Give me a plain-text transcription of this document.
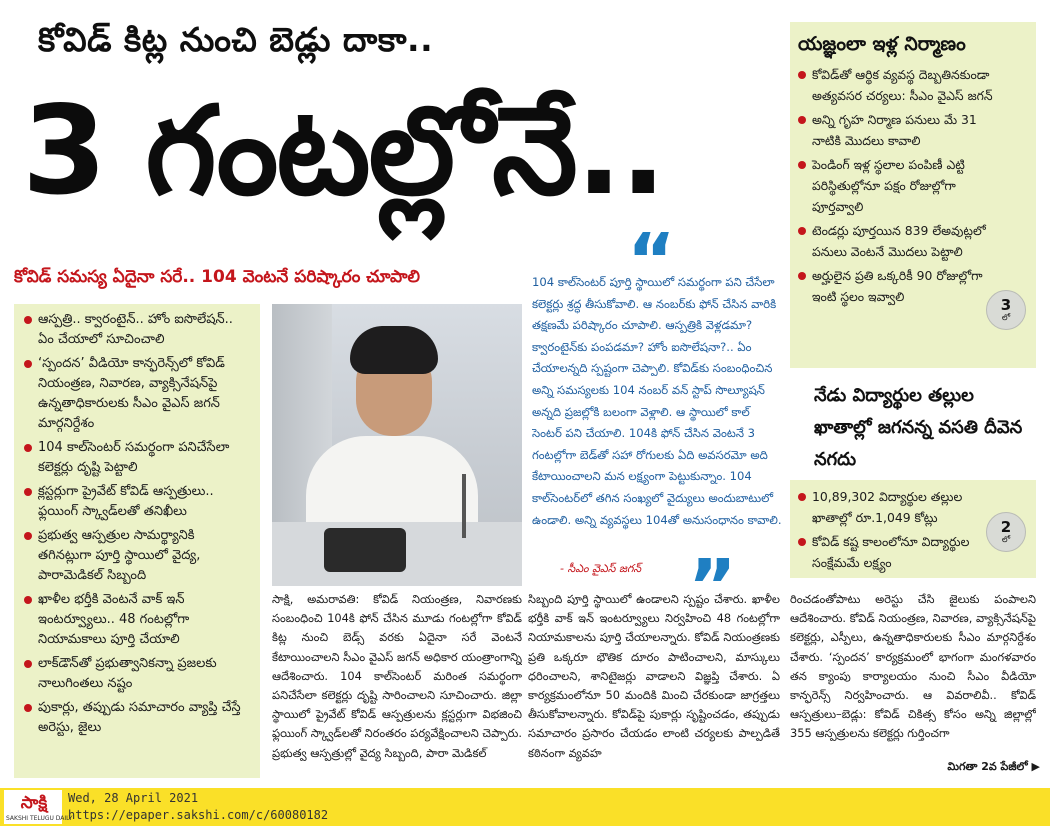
కోవిడ్ కిట్ల నుంచి బెడ్లు దాకా..
3 గంటల్లోనే..
కోవిడ్ సమస్య ఏదైనా సరే.. 104 వెంటనే పరిష్కారం చూపాలి
ఆస్పత్రి.. క్వారంటైన్.. హోం ఐసొలేషన్.. ఏం చేయాలో సూచించాలి
‘స్పందన’ వీడియో కాన్ఫరెన్స్‌లో కోవిడ్ నియంత్రణ, నివారణ, వ్యాక్సినేషన్‌పై ఉన్నతాధికారులకు సీఎం వైఎస్ జగన్ మార్గనిర్దేశం
104 కాల్‌సెంటర్ సమర్థంగా పనిచేసేలా కలెక్టర్లు దృష్టి పెట్టాలి
క్లస్టర్లుగా ప్రైవేట్ కోవిడ్ ఆస్పత్రులు.. ఫ్లయింగ్ స్క్వాడ్‌లతో తనిఖీలు
ప్రభుత్వ ఆస్పత్రుల సామర్థ్యానికి తగినట్లుగా పూర్తి స్థాయిలో వైద్య, పారామెడికల్ సిబ్బంది
ఖాళీల భర్తీకి వెంటనే వాక్ ఇన్ ఇంటర్వ్యూలు.. 48 గంటల్లోగా నియామకాలు పూర్తి చేయాలి
లాక్‌డౌన్‌తో ప్రభుత్వానికన్నా ప్రజలకు నాలుగింతలు నష్టం
పుకార్లు, తప్పుడు సమాచారం వ్యాప్తి చేస్తే అరెస్టు, జైలు
“
104 కాల్‌సెంటర్ పూర్తి స్థాయిలో సమర్థంగా పని చేసేలా కలెక్టర్లు శ్రద్ధ తీసుకోవాలి. ఆ నంబర్‌కు ఫోన్ చేసిన వారికి తక్షణమే పరిష్కారం చూపాలి. ఆస్పత్రికి వెళ్లడమా? క్వారంటైన్‌కు పంపడమా? హోం ఐసొలేషనా?.. ఏం చేయాలన్నది స్పష్టంగా చెప్పాలి. కోవిడ్‌కు సంబంధించిన అన్ని సమస్యలకు 104 నంబర్ వన్ స్టాప్ సొల్యూషన్ అన్నది ప్రజల్లోకి బలంగా వెళ్లాలి. ఆ స్థాయిలో కాల్ సెంటర్ పని చేయాలి. 104కి ఫోన్ చేసిన వెంటనే 3 గంటల్లోగా బెడ్‌తో సహా రోగులకు ఏది అవసరమో అది కేటాయించాలని మన లక్ష్యంగా పెట్టుకున్నాం. 104 కాల్‌సెంటర్‌లో తగిన సంఖ్యలో వైద్యులు అందుబాటులో ఉండాలి. అన్ని వ్యవస్థలు 104తో అనుసంధానం కావాలి.
- సీఎం వైఎస్ జగన్ ”
సాక్షి, అమరావతి: కోవిడ్ నియంత్రణ, నివారణకు సంబంధించి 104కి ఫోన్ చేసిన మూడు గంటల్లోగా కోవిడ్ కిట్ల నుంచి బెడ్స్ వరకు ఏదైనా సరే వెంటనే కేటాయించాలని సీఎం వైఎస్ జగన్ అధికార యంత్రాంగాన్ని ఆదేశించారు. 104 కాల్‌సెంటర్ మరింత సమర్థంగా పనిచేసేలా కలెక్టర్లు దృష్టి సారించాలని సూచించారు. జిల్లా స్థాయిలో ప్రైవేట్ కోవిడ్ ఆస్పత్రులను క్లస్టర్లుగా విభజించి ఫ్లయింగ్ స్క్వాడ్‌లతో నిరంతరం పర్యవేక్షించాలని చెప్పారు. ప్రభుత్వ ఆస్పత్రుల్లో వైద్య సిబ్బంది, పారా మెడికల్
సిబ్బంది పూర్తి స్థాయిలో ఉండాలని స్పష్టం చేశారు. ఖాళీల భర్తీకి వాక్ ఇన్ ఇంటర్వ్యూలు నిర్వహించి 48 గంటల్లోగా నియామకాలను పూర్తి చేయాలన్నారు. కోవిడ్ నియంత్రణకు ప్రతి ఒక్కరూ భౌతిక దూరం పాటించాలని, మాస్కులు ధరించాలని, శానిటైజర్లు వాడాలని విజ్ఞప్తి చేశారు. ఏ కార్యక్రమంలోనూ 50 మందికి మించి చేరకుండా జాగ్రత్తలు తీసుకోవాలన్నారు. కోవిడ్‌పై పుకార్లు సృష్టించడం, తప్పుడు సమాచారం ప్రసారం చేయడం లాంటి చర్యలకు పాల్పడితే కఠినంగా వ్యవహ
రించడంతోపాటు అరెస్టు చేసి జైలుకు పంపాలని ఆదేశించారు. కోవిడ్ నియంత్రణ, నివారణ, వ్యాక్సినేషన్‌పై కలెక్టర్లు, ఎస్పీలు, ఉన్నతాధికారులకు సీఎం మార్గనిర్దేశం చేశారు. ‘స్పందన’ కార్యక్రమంలో భాగంగా మంగళవారం తన క్యాంపు కార్యాలయం నుంచి సీఎం వీడియో కాన్ఫరెన్స్ నిర్వహించారు. ఆ వివరాలివీ.. కోవిడ్ ఆస్పత్రులు–బెడ్లు: కోవిడ్ చికిత్స కోసం అన్ని జిల్లాల్లో 355 ఆస్పత్రులను కలెక్టర్లు గుర్తించగా
మిగతా 2వ పేజీలో ▶
యజ్ఞంలా ఇళ్ల నిర్మాణం
కోవిడ్‌తో ఆర్థిక వ్యవస్థ దెబ్బతినకుండా అత్యవసర చర్యలు: సీఎం వైఎస్ జగన్
అన్ని గృహ నిర్మాణ పనులు మే 31 నాటికి మొదలు కావాలి
పెండింగ్ ఇళ్ల స్థలాల పంపిణీ ఎట్టి పరిస్థితుల్లోనూ పక్షం రోజుల్లోగా పూర్తవ్వాలి
టెండర్లు పూర్తయిన 839 లేఅవుట్లలో పనులు వెంటనే మొదలు పెట్టాలి
అర్హులైన ప్రతి ఒక్కరికీ 90 రోజుల్లోగా ఇంటి స్థలం ఇవ్వాలి	3
లో
నేడు విద్యార్థుల తల్లుల ఖాతాల్లో జగనన్న వసతి దీవెన నగదు
10,89,302 విద్యార్థుల తల్లుల ఖాతాల్లో రూ.1,049 కోట్లు
కోవిడ్ కష్ట కాలంలోనూ విద్యార్థుల సంక్షేమమే లక్ష్యం
2
లో
సాక్షి
SAKSHI TELUGU DAILY
Wed, 28 April 2021
https://epaper.sakshi.com/c/60080182
